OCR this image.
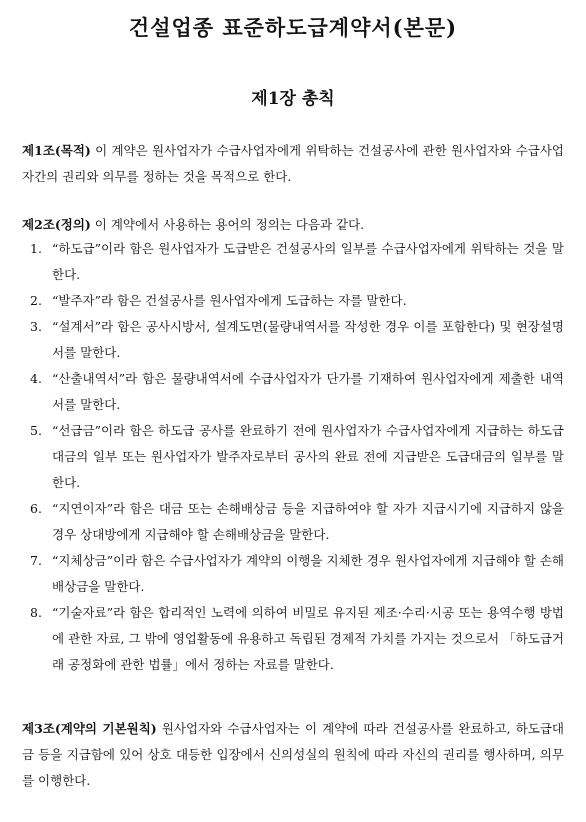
건설업종 표준하도급계약서(본문)
제1장 총칙

제1조(목적) 이 계약은 원사업자가 수급사업자에게 위탁하는 건설공사에 관한 원사업자와 수급사업자간의 권리와 의무를 정하는 것을 목적으로 한다.

제2조(정의) 이 계약에서 사용하는 용어의 정의는 다음과 같다.

1. “하도급”이라 함은 원사업자가 도급받은 건설공사의 일부를 수급사업자에게 위탁하는 것을 말한다.
2. “발주자”라 함은 건설공사를 원사업자에게 도급하는 자를 말한다.
3. “설계서”라 함은 공사시방서, 설계도면(물량내역서를 작성한 경우 이를 포함한다) 및 현장설명서를 말한다.
4. “산출내역서”라 함은 물량내역서에 수급사업자가 단가를 기재하여 원사업자에게 제출한 내역서를 말한다.
5. “선급금”이라 함은 하도급 공사를 완료하기 전에 원사업자가 수급사업자에게 지급하는 하도급대금의 일부 또는 원사업자가 발주자로부터 공사의 완료 전에 지급받은 도급대금의 일부를 말한다.
6. “지연이자”라 함은 대금 또는 손해배상금 등을 지급하여야 할 자가 지급시기에 지급하지 않을 경우 상대방에게 지급해야 할 손해배상금을 말한다.
7. “지체상금”이라 함은 수급사업자가 계약의 이행을 지체한 경우 원사업자에게 지급해야 할 손해배상금을 말한다.
8. “기술자료”라 함은 합리적인 노력에 의하여 비밀로 유지된 제조·수리·시공 또는 용역수행 방법에 관한 자료, 그 밖에 영업활동에 유용하고 독립된 경제적 가치를 가지는 것으로서 「하도급거래 공정화에 관한 법률」에서 정하는 자료를 말한다.

제3조(계약의 기본원칙) 원사업자와 수급사업자는 이 계약에 따라 건설공사를 완료하고, 하도급대금 등을 지급함에 있어 상호 대등한 입장에서 신의성실의 원칙에 따라 자신의 권리를 행사하며, 의무를 이행한다.
